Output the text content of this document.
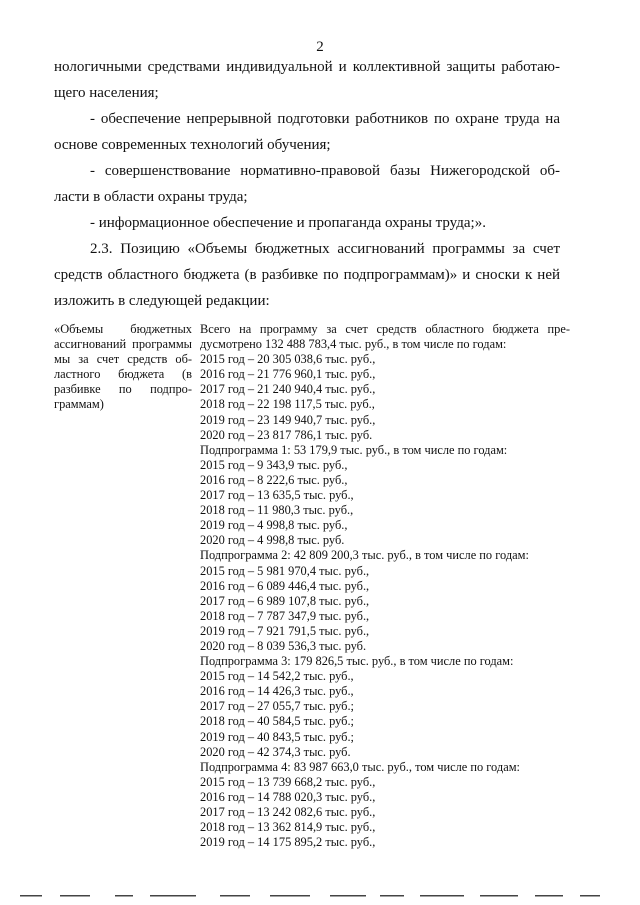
2
нологичными средствами индивидуальной и коллективной защиты работаю-
щего населения;
- обеспечение непрерывной подготовки работников по охране труда на
основе современных технологий обучения;
- совершенствование нормативно-правовой базы Нижегородской об-
ласти в области охраны труда;
- информационное обеспечение и пропаганда охраны труда;».
2.3. Позицию «Объемы бюджетных ассигнований программы за счет
средств областного бюджета (в разбивке по подпрограммам)» и сноски к ней
изложить в следующей редакции:
«Объемы бюджетных
ассигнований программы
мы за счет средств об-
ластного бюджета (в
разбивке по подпро-
граммам)
Всего на программу за счет средств областного бюджета пре-
дусмотрено 132 488 783,4 тыс. руб., в том числе по годам:
2015 год – 20 305 038,6 тыс. руб.,
2016 год – 21 776 960,1 тыс. руб.,
2017 год – 21 240 940,4 тыс. руб.,
2018 год – 22 198 117,5 тыс. руб.,
2019 год – 23 149 940,7 тыс. руб.,
2020 год – 23 817 786,1 тыс. руб.
Подпрограмма 1: 53 179,9 тыс. руб., в том числе по годам:
2015 год – 9 343,9 тыс. руб.,
2016 год – 8 222,6 тыс. руб.,
2017 год – 13 635,5 тыс. руб.,
2018 год – 11 980,3 тыс. руб.,
2019 год – 4 998,8 тыс. руб.,
2020 год – 4 998,8 тыс. руб.
Подпрограмма 2: 42 809 200,3 тыс. руб., в том числе по годам:
2015 год – 5 981 970,4 тыс. руб.,
2016 год – 6 089 446,4 тыс. руб.,
2017 год – 6 989 107,8 тыс. руб.,
2018 год – 7 787 347,9 тыс. руб.,
2019 год – 7 921 791,5 тыс. руб.,
2020 год – 8 039 536,3 тыс. руб.
Подпрограмма 3: 179 826,5 тыс. руб., в том числе по годам:
2015 год – 14 542,2 тыс. руб.,
2016 год – 14 426,3 тыс. руб.,
2017 год – 27 055,7 тыс. руб.;
2018 год – 40 584,5 тыс. руб.;
2019 год – 40 843,5 тыс. руб.;
2020 год – 42 374,3 тыс. руб.
Подпрограмма 4: 83 987 663,0 тыс. руб., том числе по годам:
2015 год – 13 739 668,2 тыс. руб.,
2016 год – 14 788 020,3 тыс. руб.,
2017 год – 13 242 082,6 тыс. руб.,
2018 год – 13 362 814,9 тыс. руб.,
2019 год – 14 175 895,2 тыс. руб.,
